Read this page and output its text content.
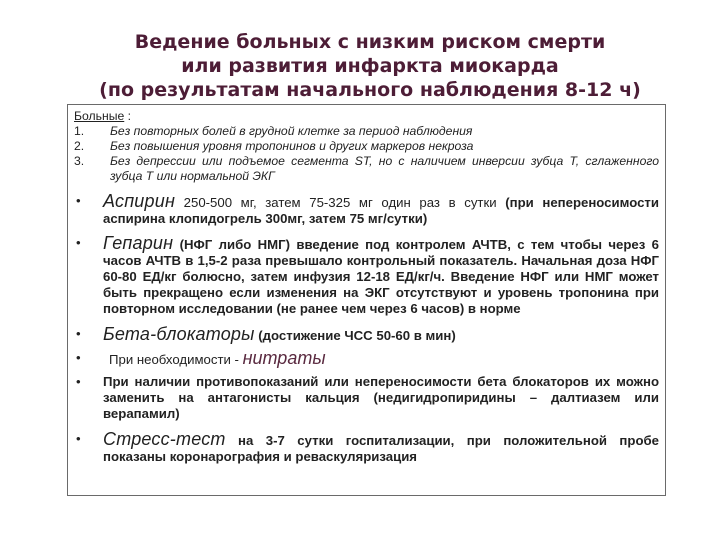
Ведение больных с низким риском смерти
или развития инфаркта миокарда
(по результатам начального наблюдения 8-12 ч)
Больные :
1.	Без повторных болей в грудной клетке за период наблюдения
2.	Без повышения уровня тропонинов и других маркеров некроза
3.	Без депрессии или подъемое сегмента ST, но с наличием инверсии зубца T, сглаженного зубца T или нормальной ЭКГ
• Аспирин 250-500 мг, затем 75-325 мг один раз в сутки (при непереносимости аспирина клопидогрель 300мг, затем 75 мг/сутки)
• Гепарин (НФГ либо НМГ) введение под контролем АЧТВ, с тем чтобы через 6 часов АЧТВ в 1,5-2 раза превышало контрольный показатель. Начальная доза НФГ 60-80 ЕД/кг болюсно, затем инфузия 12-18 ЕД/кг/ч. Введение НФГ или НМГ может быть прекращено если изменения на ЭКГ отсутствуют и уровень тропонина при повторном исследовании (не ранее чем через 6 часов) в норме
• Бета-блокаторы (достижение ЧСС 50-60 в мин)
• При необходимости - нитраты
• При наличии противопоказаний или непереносимости бета блокаторов их можно заменить на антагонисты кальция (недигидропиридины – далтиазем или верапамил)
• Стресс-тест на 3-7 сутки госпитализации, при положительной пробе показаны коронарография и реваскуляризация
